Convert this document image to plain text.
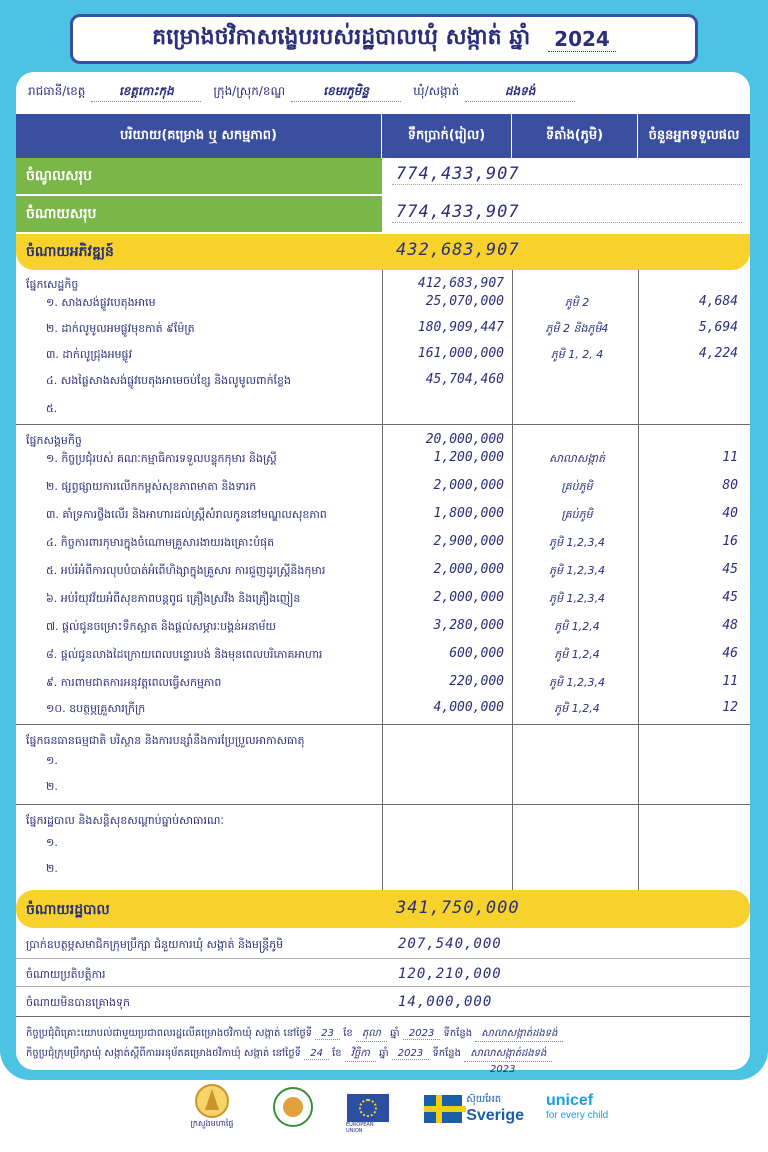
គម្រោងថវិកាសង្ខេបរបស់រដ្ឋបាលឃុំ សង្កាត់ ឆ្នាំ	2024
រាជធានី/ខេត្ត	ខេត្តកោះកុង	ក្រុង/ស្រុក/ខណ្ឌ	ខេមរភូមិន្ទ	ឃុំ/សង្កាត់	ដងទង់
បរិយាយ(គម្រោង ឬ សកម្មភាព)	ទឹកប្រាក់(រៀល)	ទីតាំង(ភូមិ)	ចំនួនអ្នកទទួលផល
ចំណូលសរុប	774,433,907
ចំណាយសរុប	774,433,907
ចំណាយអភិវឌ្ឍន៍	432,683,907
ផ្នែកសេដ្ឋកិច្ច	412,683,907
១. សាងសង់ផ្លូវបេតុងអាមេ	25,070,000	ភូមិ 2	4,684
២. ដាក់លូមូលអមផ្លូវមុខកាត់ ៩ម៉ែត្រ	180,909,447	ភូមិ 2 និងភូមិ4	5,694
៣. ដាក់លូជ្រុងអមផ្លូវ	161,000,000	ភូមិ 1, 2, 4	4,224
៤. សងផ្លៃសាងសង់ផ្លូវបេតុងអាមេចប់ខ្សែ និងលូមូលពាក់ខ្លែង	45,704,460
៥.
ផ្នែកសង្គមកិច្ច	20,000,000
១. កិច្ចប្រជុំរបស់ គណៈកម្មាធិការទទួលបន្ទុកកុមារ និងស្ត្រី	1,200,000	សាលាសង្កាត់	11
២. ផ្សព្វផ្សាយការលើកកម្ពស់សុខភាពមាតា និងទារក	2,000,000	គ្រប់ភូមិ	80
៣. គាំទ្រការថ្លឹងលើរ និងអាហារដល់ស្ត្រីសំរាលកូននៅមណ្ឌលសុខភាព	1,800,000	គ្រប់ភូមិ	40
៤. កិច្ចការពារកុមារក្នុងចំណោមគ្រួសារងាយរងគ្រោះបំផុត	2,900,000	ភូមិ 1,2,3,4	16
៥. អប់រំអំពីការលុបបំបាត់អំពើហិង្សាក្នុងគ្រួសារ ការជួញដូរស្ត្រីនិងកុមារ	2,000,000	ភូមិ 1,2,3,4	45
៦. អប់រំយុវវ័យអំពីសុខភាពបន្តពូជ គ្រឿងស្រវឹង និងគ្រឿងញៀន	2,000,000	ភូមិ 1,2,3,4	45
៧. ផ្តល់ជូនចម្រោះទឹកស្អាត និងផ្តល់សម្ភារៈបង្គន់អនាម័យ	3,280,000	ភូមិ 1,2,4	48
៨. ផ្តល់ជូនលាងដៃក្រោយពេលបន្ទោរបង់ និងមុនពេលបរិភោគអាហារ	600,000	ភូមិ 1,2,4	46
៩. ការពាមជាតការអនុវត្តពេលធ្វើសកម្មភាព	220,000	ភូមិ 1,2,3,4	11
១០. ឧបត្ថម្ភគ្រួសារក្រីក្រ	4,000,000	ភូមិ 1,2,4	12
ផ្នែកធនធានធម្មជាតិ បរិស្ថាន និងការបន្សាំនឹងការប្រែប្រួលអាកាសធាតុ
១.
២.
ផ្នែករដ្ឋបាល និងសន្តិសុខសណ្តាប់ធ្នាប់សាធារណៈ
១.
២.
ចំណាយរដ្ឋបាល	341,750,000
ប្រាក់ឧបត្ថម្ភសមាជិកក្រុមប្រឹក្សា ជំនួយការឃុំ សង្កាត់ និងមន្ត្រីភូមិ	207,540,000
ចំណាយប្រតិបត្តិការ	120,210,000
ចំណាយមិនបានគ្រោងទុក	14,000,000
កិច្ចប្រជុំពិគ្រោះយោបល់ជាមួយប្រជាពលរដ្ឋលើគម្រោងថវិកាឃុំ សង្កាត់ នៅថ្ងៃទី 23 ខែ តុលា ឆ្នាំ 2023 ទីកន្លែង សាលាសង្កាត់ដងទង់
កិច្ចប្រជុំក្រុមប្រឹក្សាឃុំ សង្កាត់ស្តីពីការអនុម័តគម្រោងថវិកាឃុំ សង្កាត់ នៅថ្ងៃទី 24 ខែ វិច្ឆិកា ឆ្នាំ 2023 ទីកន្លែង សាលាសង្កាត់ដងទង់
2023
ក្រសួងមហាផ្ទៃ	EUROPEAN UNION
ស៊ុយអែត
Sverige
unicef
for every child
